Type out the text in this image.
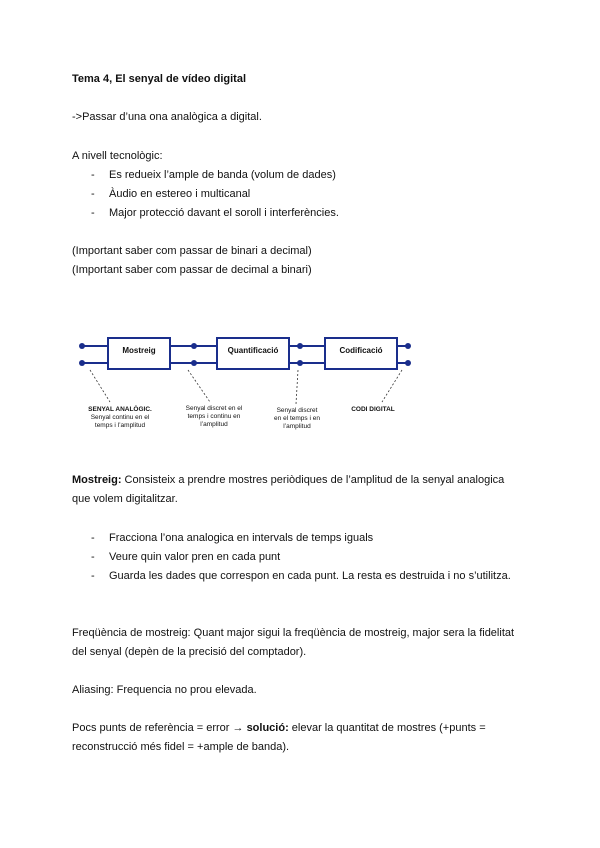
Tema 4, El senyal de vídeo digital
->Passar d’una ona analògica a digital.
A nivell tecnològic:
- Es redueix l’ample de banda (volum de dades)
- Àudio en estereo i multicanal
- Major protecció davant el soroll i interferències.
(Important saber com passar de binari a decimal)
(Important saber com passar de decimal a binari)
Mostreig	Quantificació	Codificació
SENYAL ANALÒGIC.
Senyal continu en el
temps i l’amplitud
Senyal discret en el
temps i continu en
l’amplitud
Senyal discret
en el temps i en
l’amplitud
CODI DIGITAL
Mostreig: Consisteix a prendre mostres periòdiques de l’amplitud de la senyal analogica
que volem digitalitzar.
- Fracciona l’ona analogica en intervals de temps iguals
- Veure quin valor pren en cada punt
- Guarda les dades que correspon en cada punt. La resta es destruida i no s’utilitza.
Freqüència de mostreig: Quant major sigui la freqüència de mostreig, major sera la fidelitat
del senyal (depèn de la precisió del comptador).
Aliasing: Frequencia no prou elevada.
Pocs punts de referència = error → solució: elevar la quantitat de mostres (+punts =
reconstrucció més fidel = +ample de banda).
